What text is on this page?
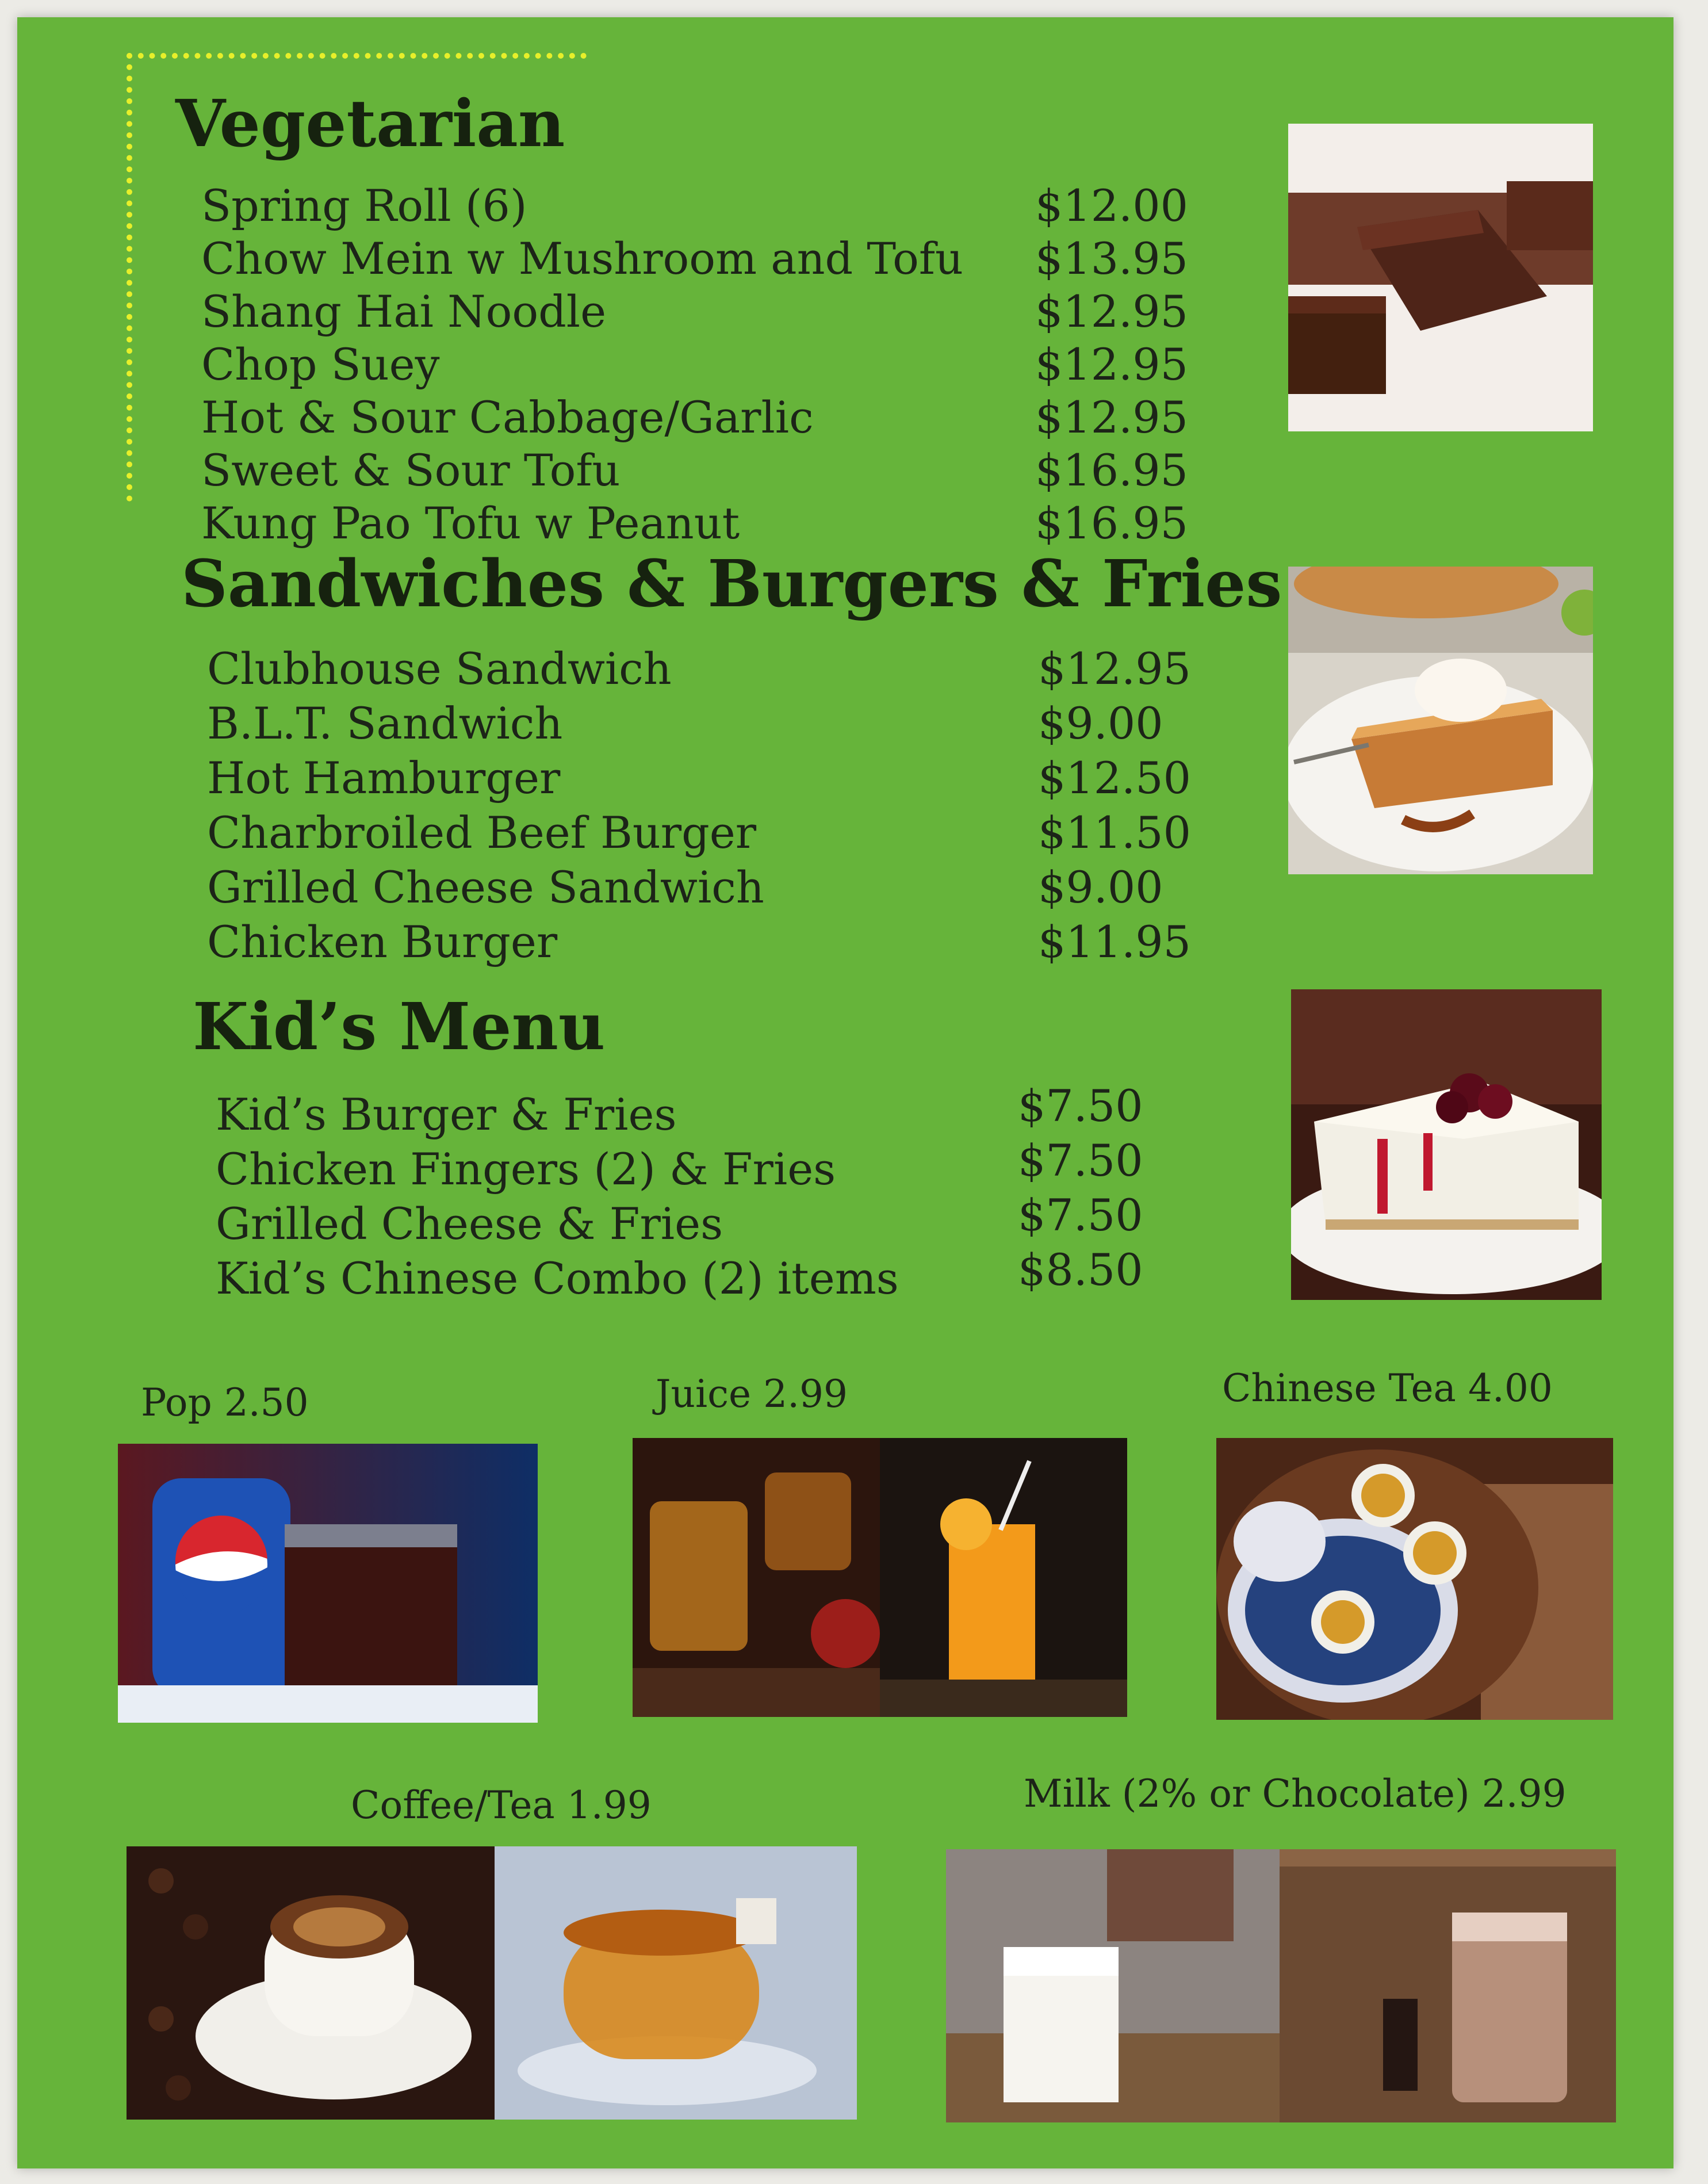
Vegetarian
Spring Roll (6)	$12.00
Chow Mein w Mushroom and Tofu $13.95
Shang Hai Noodle	$12.95
Chop Suey	$12.95
Hot & Sour Cabbage/Garlic	$12.95
Sweet & Sour Tofu	$16.95
Kung Pao Tofu w Peanut	$16.95
Sandwiches & Burgers & Fries
Clubhouse Sandwich	$12.95
B.L.T. Sandwich	$9.00
Hot Hamburger	$12.50
Charbroiled Beef Burger	$11.50
Grilled Cheese Sandwich	$9.00
Chicken Burger	$11.95
Kid’s Menu
Kid’s Burger & Fries	$7.50
Chicken Fingers (2) & Fries	$7.50
Grilled Cheese & Fries	$7.50
Kid’s Chinese Combo (2) items	$8.50
Pop 2.50	Juice 2.99	Chinese Tea 4.00
Coffee/Tea 1.99	Milk (2% or Chocolate) 2.99
